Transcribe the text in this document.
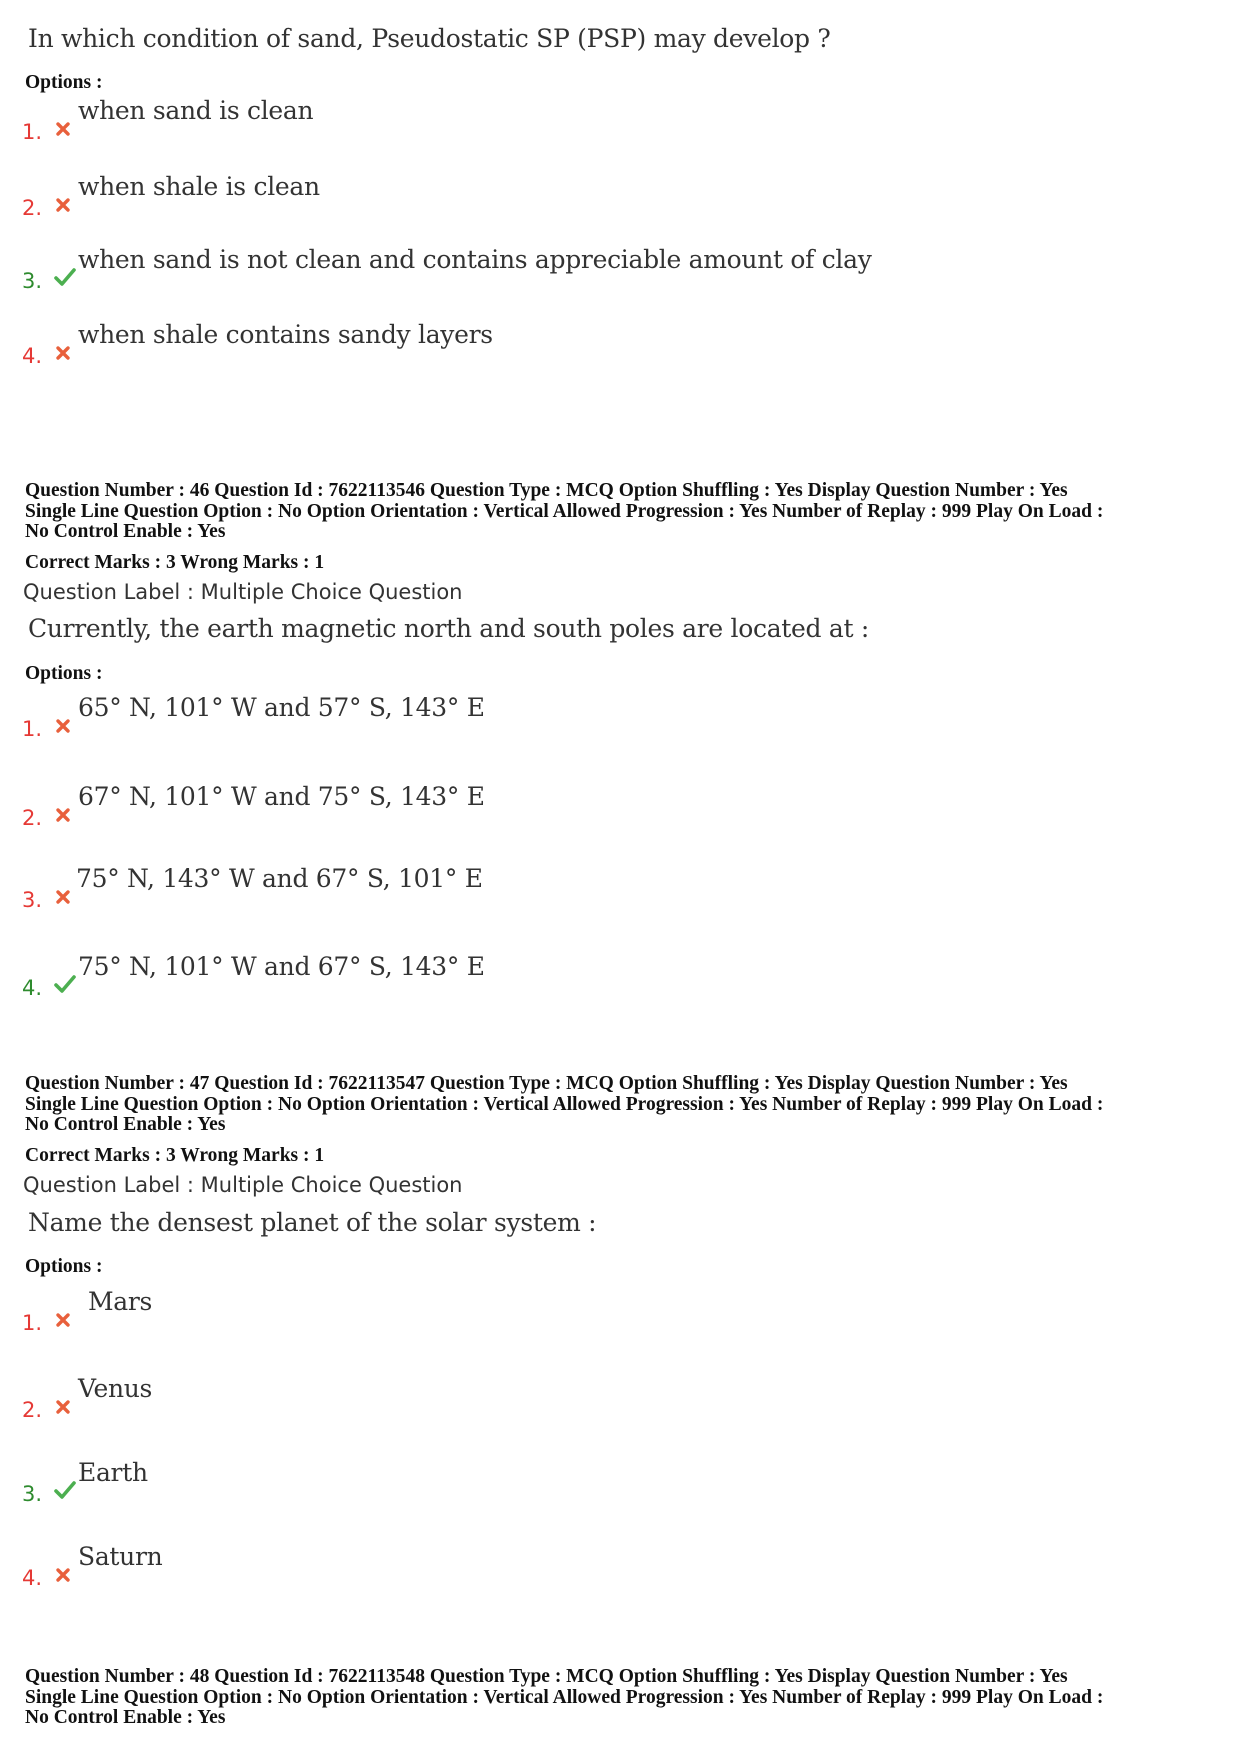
In which condition of sand, Pseudostatic SP (PSP) may develop ?
Options :
1.
when sand is clean
2.
when shale is clean
3.
when sand is not clean and contains appreciable amount of clay
4.
when shale contains sandy layers
Question Number : 46 Question Id : 7622113546 Question Type : MCQ Option Shuffling : Yes Display Question Number : Yes
Single Line Question Option : No Option Orientation : Vertical Allowed Progression : Yes Number of Replay : 999 Play On Load :
No Control Enable : Yes
Correct Marks : 3 Wrong Marks : 1
Question Label : Multiple Choice Question
Currently, the earth magnetic north and south poles are located at :
Options :
1.
65° N, 101° W and 57° S, 143° E
2.
67° N, 101° W and 75° S, 143° E
3.
75° N, 143° W and 67° S, 101° E
4.
75° N, 101° W and 67° S, 143° E
Question Number : 47 Question Id : 7622113547 Question Type : MCQ Option Shuffling : Yes Display Question Number : Yes
Single Line Question Option : No Option Orientation : Vertical Allowed Progression : Yes Number of Replay : 999 Play On Load :
No Control Enable : Yes
Correct Marks : 3 Wrong Marks : 1
Question Label : Multiple Choice Question
Name the densest planet of the solar system :
Options :
1.
Mars
2.
Venus
3.
Earth
4.
Saturn
Question Number : 48 Question Id : 7622113548 Question Type : MCQ Option Shuffling : Yes Display Question Number : Yes
Single Line Question Option : No Option Orientation : Vertical Allowed Progression : Yes Number of Replay : 999 Play On Load :
No Control Enable : Yes
